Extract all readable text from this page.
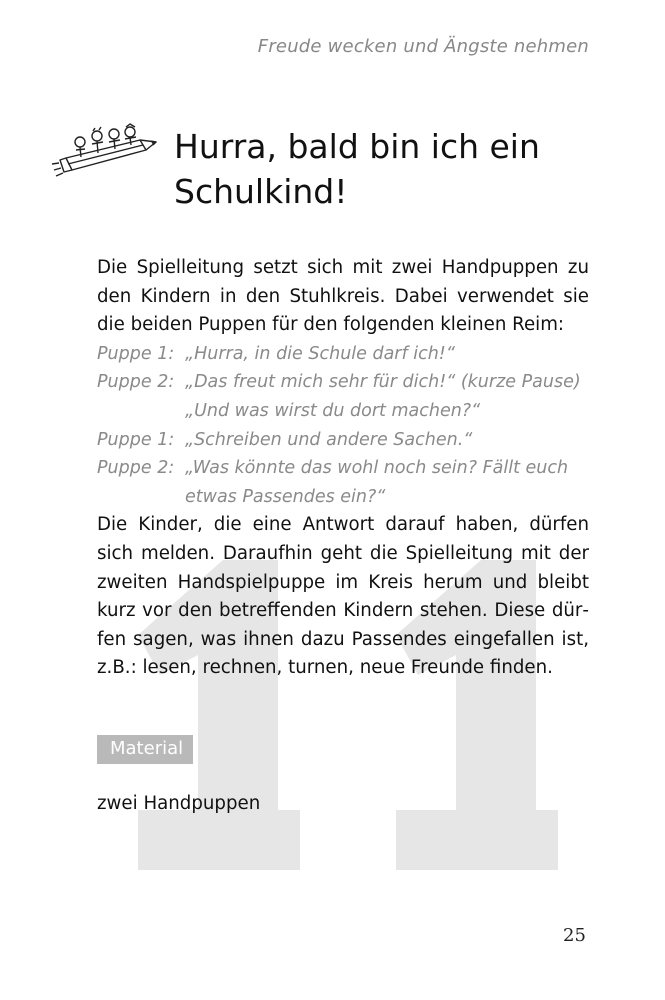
Freude wecken und Ängste nehmen
Hurra, bald bin ich ein
Schulkind!
Die Spielleitung setzt sich mit zwei Handpuppen zu den Kindern in den Stuhlkreis. Dabei verwendet sie die beiden Puppen für den folgenden kleinen Reim:
Puppe 1: „Hurra, in die Schule darf ich!“
Puppe 2: „Das freut mich sehr für dich!“ (kurze Pause) „Und was wirst du dort machen?“
Puppe 1: „Schreiben und andere Sachen.“
Puppe 2: „Was könnte das wohl noch sein? Fällt euch etwas Passendes ein?“
Die Kinder, die eine Antwort darauf haben, dürfen sich melden. Daraufhin geht die Spielleitung mit der zweiten Handspielpuppe im Kreis herum und bleibt kurz vor den betreffenden Kindern stehen. Diese dürfen sagen, was ihnen dazu Passendes eingefallen ist, z.B.: lesen, rechnen, turnen, neue Freunde finden.
Material
zwei Handpuppen
25
